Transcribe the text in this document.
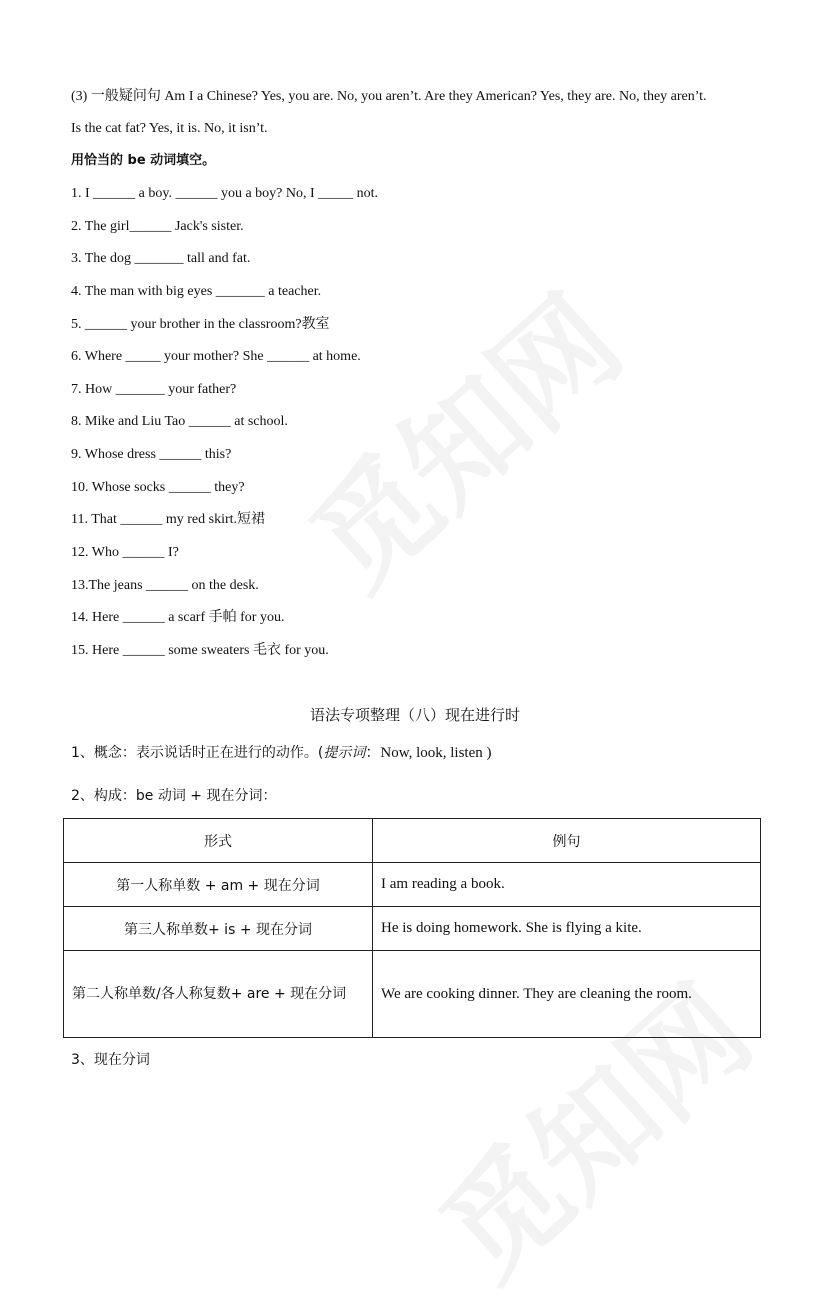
(3) 一般疑问句 Am I a Chinese? Yes, you are. No, you aren’t. Are they American? Yes, they are. No, they aren’t.
Is the cat fat? Yes, it is. No, it isn’t.
用恰当的 be 动词填空。
1. I ______ a boy. ______ you a boy? No, I _____ not.
2. The girl______ Jack's sister.
3. The dog _______ tall and fat.
4. The man with big eyes _______ a teacher.
5. ______ your brother in the classroom?教室
6. Where _____ your mother? She ______ at home.
7. How _______ your father?
8. Mike and Liu Tao ______ at school.
9. Whose dress ______ this?
10. Whose socks ______ they?
11. That ______ my red skirt.短裙
12. Who ______ I?
13.The jeans ______ on the desk.
14. Here ______ a scarf 手帕 for you.
15. Here ______ some sweaters 毛衣 for you.
语法专项整理（八）现在进行时
1、概念：表示说话时正在进行的动作。(提示词：Now, look, listen )
2、构成：be 动词 + 现在分词：
形式	例句
第一人称单数 + am + 现在分词	I am reading a book.
第三人称单数+ is + 现在分词	He is doing homework. She is flying a kite.
第二人称单数/各人称复数+ are + 现在分词	We are cooking dinner. They are cleaning the room.
3、现在分词
